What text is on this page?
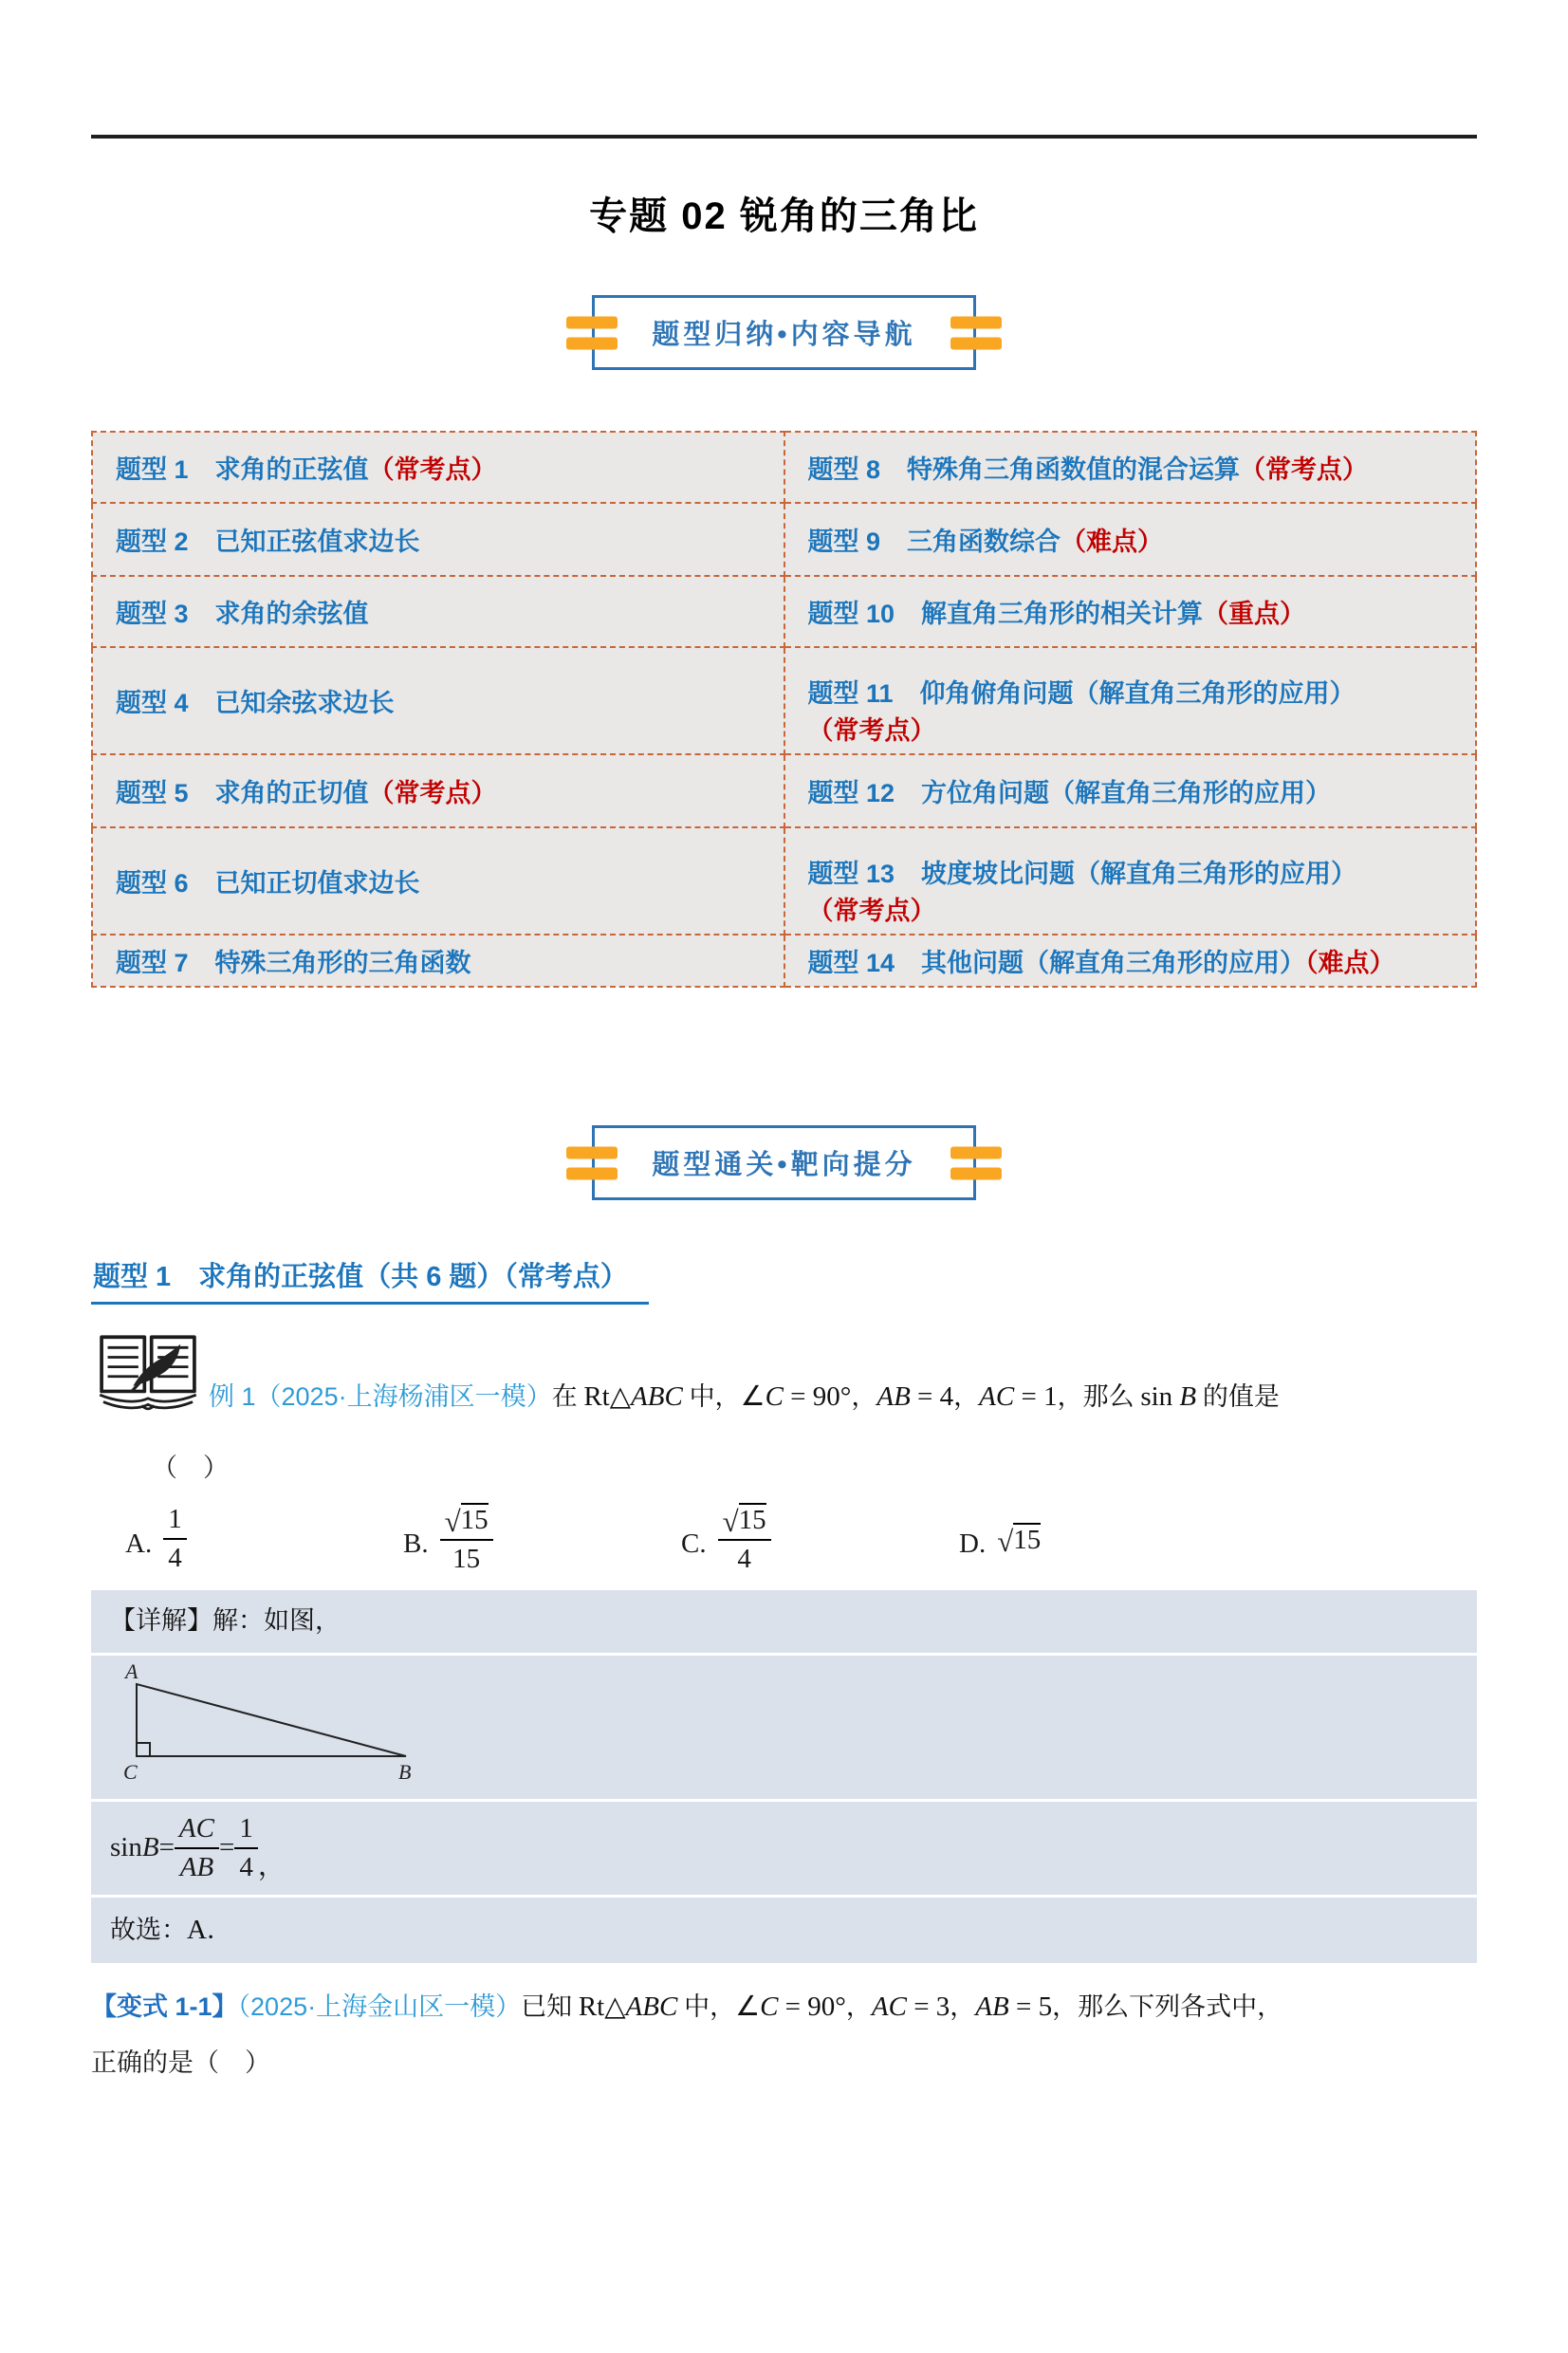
专题 02 锐角的三角比
题型归纳•内容导航
题型 1 求角的正弦值（常考点）	题型 8 特殊角三角函数值的混合运算（常考点）
题型 2 已知正弦值求边长	题型 9 三角函数综合（难点）
题型 3 求角的余弦值	题型 10 解直角三角形的相关计算（重点）
题型 4 已知余弦求边长	题型 11 仰角俯角问题（解直角三角形的应用）（常考点）
题型 5 求角的正切值（常考点）	题型 12 方位角问题（解直角三角形的应用）
题型 6 已知正切值求边长	题型 13 坡度坡比问题（解直角三角形的应用）（常考点）
题型 7 特殊三角形的三角函数	题型 14 其他问题（解直角三角形的应用）（难点）
题型通关•靶向提分
题型 1　求角的正弦值（共 6 题）（常考点）
例 1（2025·上海杨浦区一模）在 Rt△ABC 中，∠C = 90°，AB = 4，AC = 1，那么 sin B 的值是
（　）
A. $\frac{1}{4}$	B. $\frac{√ 15}{15}$	C. $\frac{√ 15}{4}$	D. √ 15
【详解】解：如图，
A
C	B
$\sin B = \frac{AC}{AB} = \frac{1}{4}$ ，
故选：A．
【变式 1-1】（2025·上海金山区一模）已知 Rt△ABC 中，∠C = 90°，AC = 3，AB = 5，那么下列各式中，
正确的是（　）
